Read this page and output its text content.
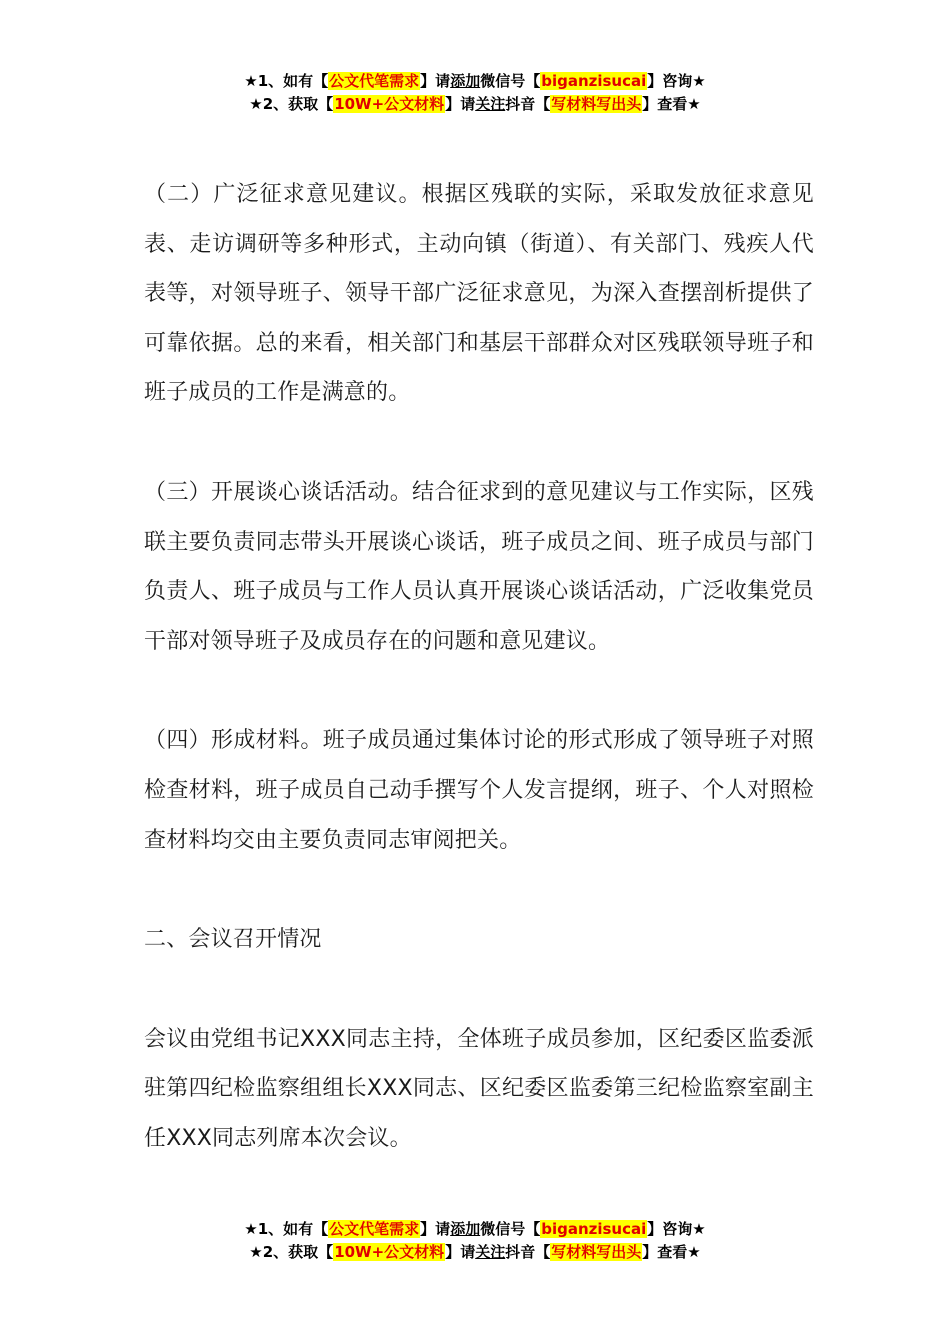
★1、如有【公文代笔需求】请添加微信号【biganzisucai】咨询★
★2、获取【10W+公文材料】请关注抖音【写材料写出头】查看★

（二）广泛征求意见建议。根据区残联的实际，采取发放征求意见表、走访调研等多种形式，主动向镇（街道）、有关部门、残疾人代表等，对领导班子、领导干部广泛征求意见，为深入查摆剖析提供了可靠依据。总的来看，相关部门和基层干部群众对区残联领导班子和班子成员的工作是满意的。

（三）开展谈心谈话活动。结合征求到的意见建议与工作实际，区残联主要负责同志带头开展谈心谈话，班子成员之间、班子成员与部门负责人、班子成员与工作人员认真开展谈心谈话活动，广泛收集党员干部对领导班子及成员存在的问题和意见建议。

（四）形成材料。班子成员通过集体讨论的形式形成了领导班子对照检查材料，班子成员自己动手撰写个人发言提纲，班子、个人对照检查材料均交由主要负责同志审阅把关。

二、会议召开情况

会议由党组书记XXX同志主持，全体班子成员参加，区纪委区监委派驻第四纪检监察组组长XXX同志、区纪委区监委第三纪检监察室副主任XXX同志列席本次会议。

★1、如有【公文代笔需求】请添加微信号【biganzisucai】咨询★
★2、获取【10W+公文材料】请关注抖音【写材料写出头】查看★
